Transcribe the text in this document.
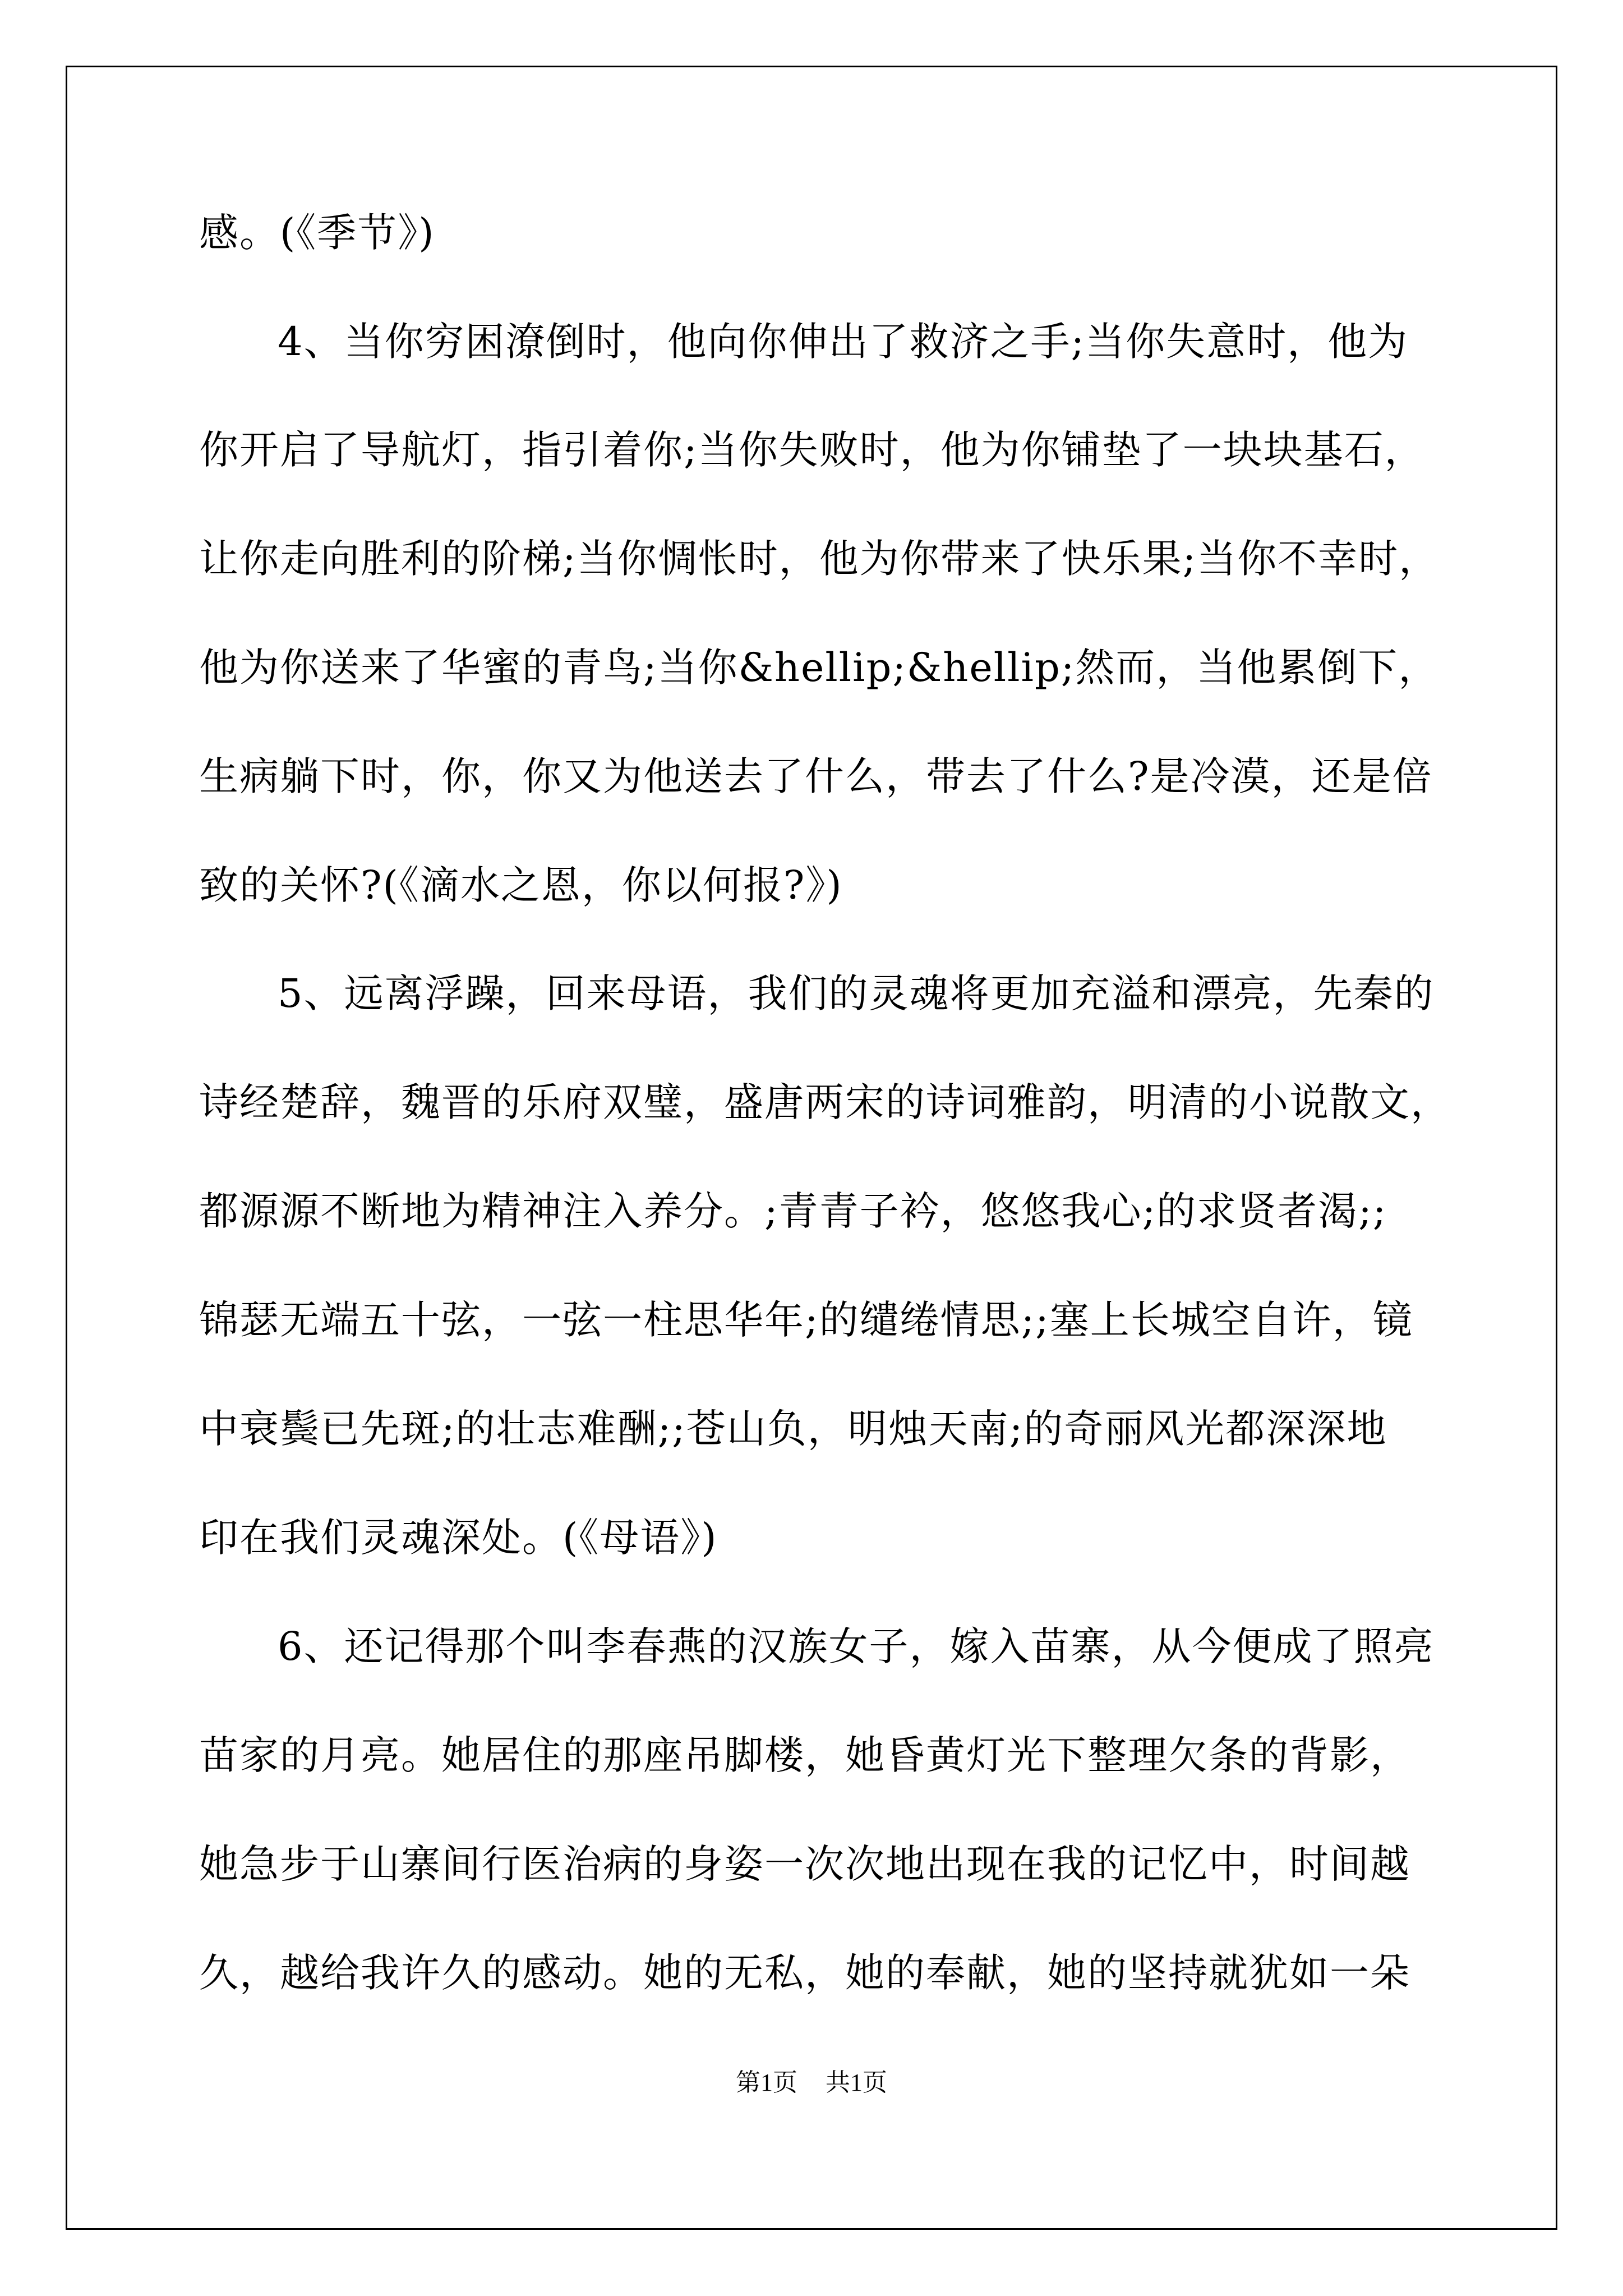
感。(《季节》)
4、当你穷困潦倒时，他向你伸出了救济之手;当你失意时，他为
你开启了导航灯，指引着你;当你失败时，他为你铺垫了一块块基石，
让你走向胜利的阶梯;当你惆怅时，他为你带来了快乐果;当你不幸时，
他为你送来了华蜜的青鸟;当你&hellip;&hellip;然而，当他累倒下，
生病躺下时，你，你又为他送去了什么，带去了什么?是冷漠，还是倍
致的关怀?(《滴水之恩，你以何报?》)
5、远离浮躁，回来母语，我们的灵魂将更加充溢和漂亮，先秦的
诗经楚辞，魏晋的乐府双璧，盛唐两宋的诗词雅韵，明清的小说散文，
都源源不断地为精神注入养分。;青青子衿，悠悠我心;的求贤者渴;;
锦瑟无端五十弦，一弦一柱思华年;的缱绻情思;;塞上长城空自许，镜
中衰鬓已先斑;的壮志难酬;;苍山负，明烛天南;的奇丽风光都深深地
印在我们灵魂深处。(《母语》)
6、还记得那个叫李春燕的汉族女子，嫁入苗寨，从今便成了照亮
苗家的月亮。她居住的那座吊脚楼，她昏黄灯光下整理欠条的背影，
她急步于山寨间行医治病的身姿一次次地出现在我的记忆中，时间越
久，越给我许久的感动。她的无私，她的奉献，她的坚持就犹如一朵
第1页 共1页
